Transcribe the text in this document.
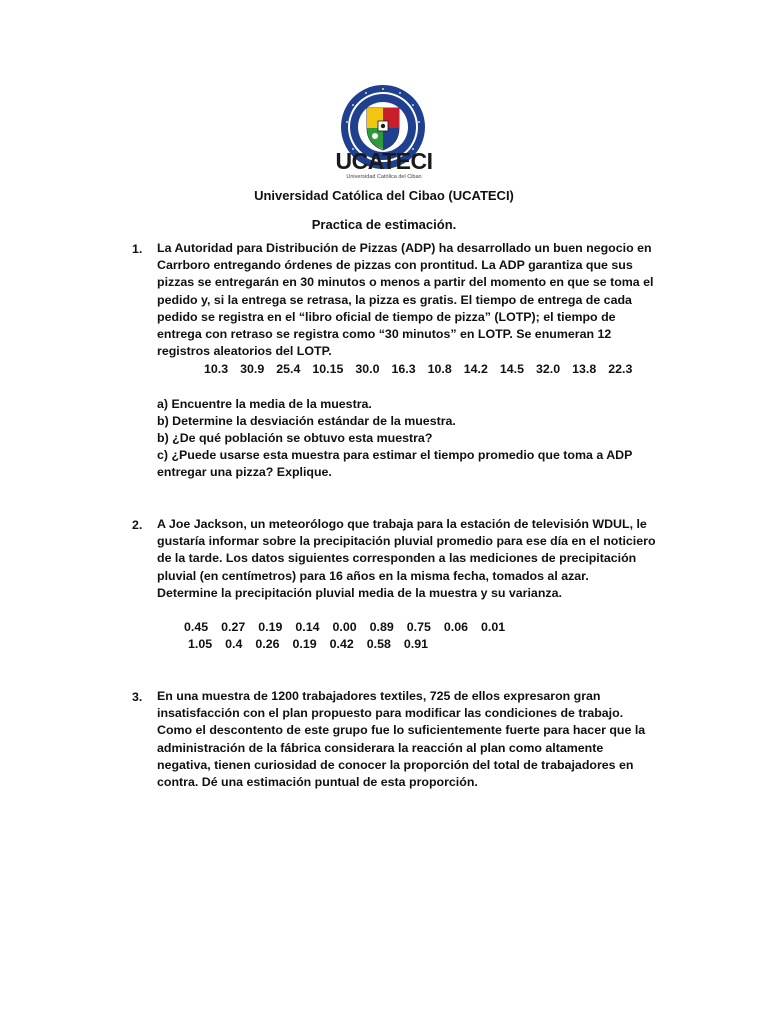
UCATECI
Universidad Católica del Cibao
Universidad Católica del Cibao (UCATECI)
Practica de estimación.
1. La Autoridad para Distribución de Pizzas (ADP) ha desarrollado un buen negocio en Carrboro entregando órdenes de pizzas con prontitud. La ADP garantiza que sus pizzas se entregarán en 30 minutos o menos a partir del momento en que se toma el pedido y, si la entrega se retrasa, la pizza es gratis. El tiempo de entrega de cada pedido se registra en el “libro oficial de tiempo de pizza” (LOTP); el tiempo de entrega con retraso se registra como “30 minutos” en LOTP. Se enumeran 12 registros aleatorios del LOTP.
10.3 30.9 25.4 10.15 30.0 16.3 10.8 14.2 14.5 32.0 13.8 22.3
a) Encuentre la media de la muestra.
b) Determine la desviación estándar de la muestra.
b) ¿De qué población se obtuvo esta muestra?
c) ¿Puede usarse esta muestra para estimar el tiempo promedio que toma a ADP entregar una pizza? Explique.
2. A Joe Jackson, un meteorólogo que trabaja para la estación de televisión WDUL, le gustaría informar sobre la precipitación pluvial promedio para ese día en el noticiero de la tarde. Los datos siguientes corresponden a las mediciones de precipitación pluvial (en centímetros) para 16 años en la misma fecha, tomados al azar.
Determine la precipitación pluvial media de la muestra y su varianza.
0.45 0.27 0.19 0.14 0.00 0.89 0.75 0.06 0.01
1.05 0.4 0.26 0.19 0.42 0.58 0.91
3. En una muestra de 1200 trabajadores textiles, 725 de ellos expresaron gran insatisfacción con el plan propuesto para modificar las condiciones de trabajo. Como el descontento de este grupo fue lo suficientemente fuerte para hacer que la administración de la fábrica considerara la reacción al plan como altamente negativa, tienen curiosidad de conocer la proporción del total de trabajadores en contra. Dé una estimación puntual de esta proporción.
